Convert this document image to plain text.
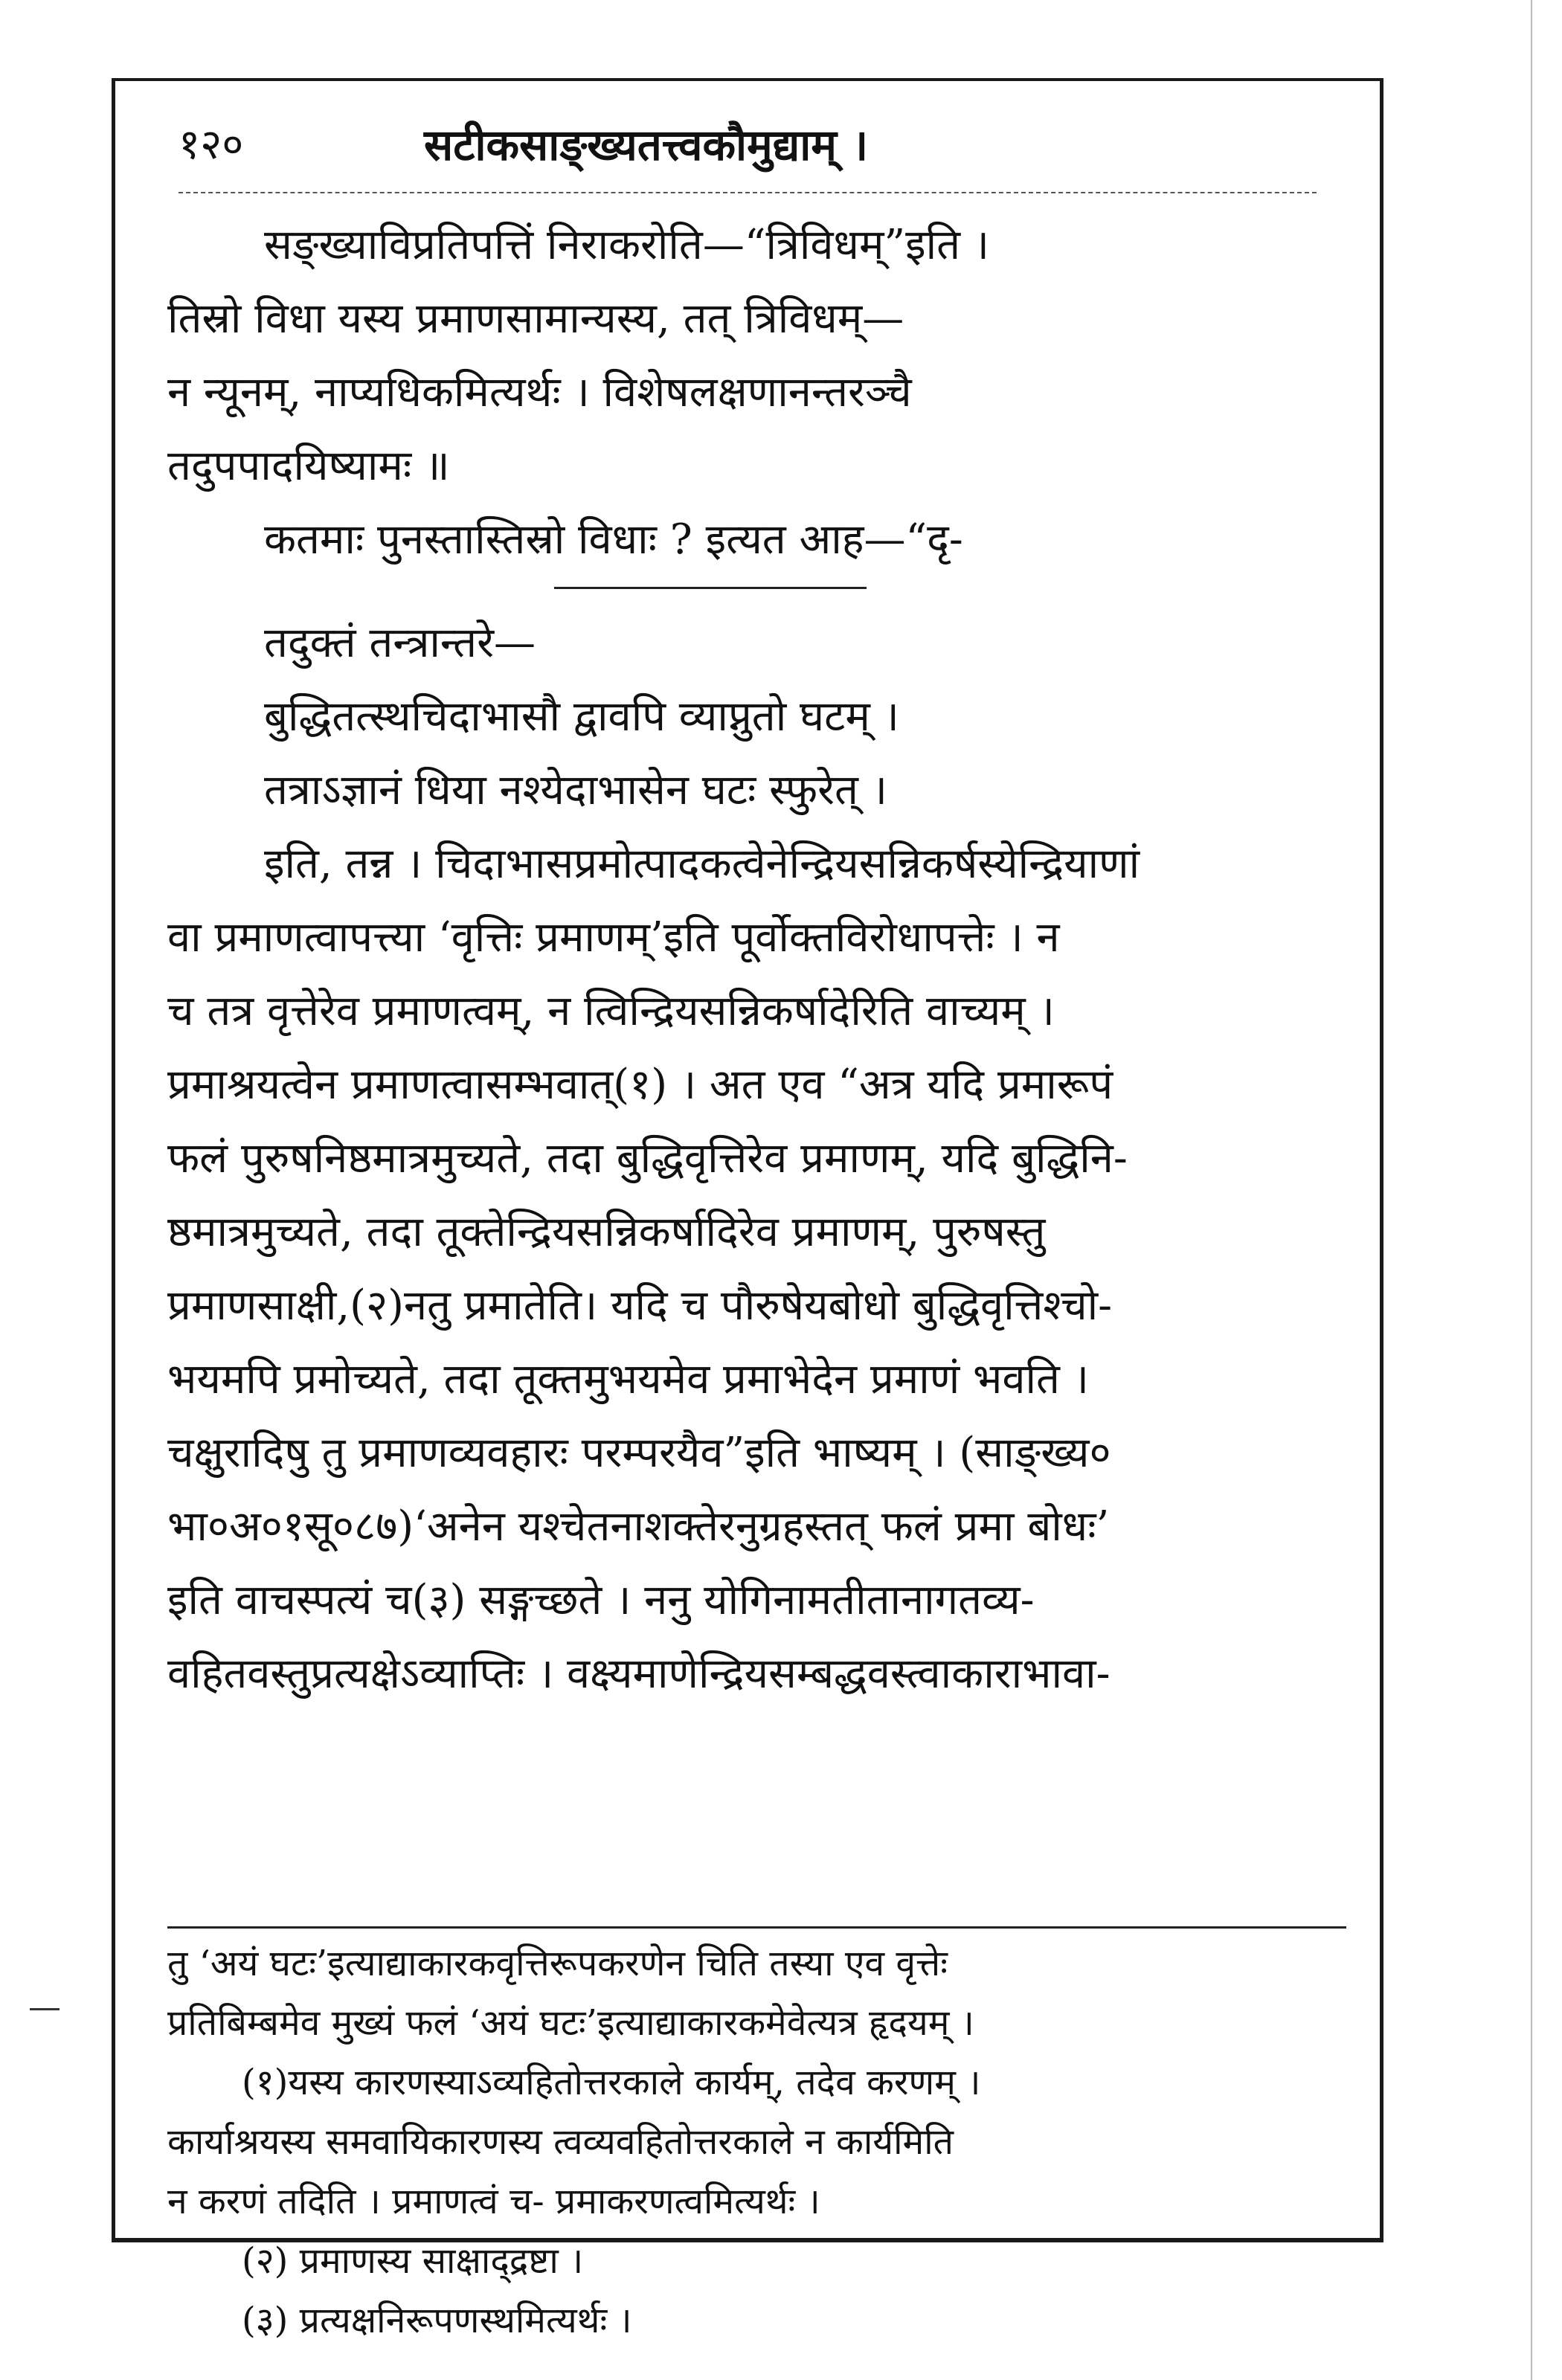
१२०	सटीकसाङ्ख्यतत्त्वकौमुद्याम् ।
सङ्ख्याविप्रतिपत्तिं निराकरोति—“त्रिविधम्”इति ।
तिस्रो विधा यस्य प्रमाणसामान्यस्य, तत् त्रिविधम्—
न न्यूनम्, नाप्यधिकमित्यर्थः । विशेषलक्षणानन्तरञ्चै
तदुपपादयिष्यामः ॥
कतमाः पुनस्तास्तिस्रो विधाः ? इत्यत आह—“दृ-
तदुक्तं तन्त्रान्तरे—
बुद्धितत्स्थचिदाभासौ द्वावपि व्याप्नुतो घटम् ।
तत्राऽज्ञानं धिया नश्येदाभासेन घटः स्फुरेत् ।
इति, तन्न । चिदाभासप्रमोत्पादकत्वेनेन्द्रियसन्निकर्षस्येन्द्रियाणां
वा प्रमाणत्वापत्त्या ‘वृत्तिः प्रमाणम्’इति पूर्वोक्तविरोधापत्तेः । न
च तत्र वृत्तेरेव प्रमाणत्वम्, न त्विन्द्रियसन्निकर्षादेरिति वाच्यम् ।
प्रमाश्रयत्वेन प्रमाणत्वासम्भवात्(१) । अत एव “अत्र यदि प्रमारूपं
फलं पुरुषनिष्ठमात्रमुच्यते, तदा बुद्धिवृत्तिरेव प्रमाणम्, यदि बुद्धिनि-
ष्ठमात्रमुच्यते, तदा तूक्तेन्द्रियसन्निकर्षादिरेव प्रमाणम्, पुरुषस्तु
प्रमाणसाक्षी,(२)नतु प्रमातेति। यदि च पौरुषेयबोधो बुद्धिवृत्तिश्चो-
भयमपि प्रमोच्यते, तदा तूक्तमुभयमेव प्रमाभेदेन प्रमाणं भवति ।
चक्षुरादिषु तु प्रमाणव्यवहारः परम्परयैव”इति भाष्यम् । (साङ्ख्य०
भा०अ०१सू०८७)‘अनेन यश्चेतनाशक्तेरनुग्रहस्तत् फलं प्रमा बोधः’
इति वाचस्पत्यं च(३) सङ्गच्छते । ननु योगिनामतीतानागतव्य-
वहितवस्तुप्रत्यक्षेऽव्याप्तिः । वक्ष्यमाणेन्द्रियसम्बद्धवस्त्वाकाराभावा-
तु ‘अयं घटः’इत्याद्याकारकवृत्तिरूपकरणेन चिति तस्या एव वृत्तेः
प्रतिबिम्बमेव मुख्यं फलं ‘अयं घटः’इत्याद्याकारकमेवेत्यत्र हृदयम् ।
(१)यस्य कारणस्याऽव्यहितोत्तरकाले कार्यम्, तदेव करणम् ।
कार्याश्रयस्य समवायिकारणस्य त्वव्यवहितोत्तरकाले न कार्यमिति
न करणं तदिति । प्रमाणत्वं च- प्रमाकरणत्वमित्यर्थः ।
(२) प्रमाणस्य साक्षाद्द्रष्टा ।
(३) प्रत्यक्षनिरूपणस्थमित्यर्थः ।
